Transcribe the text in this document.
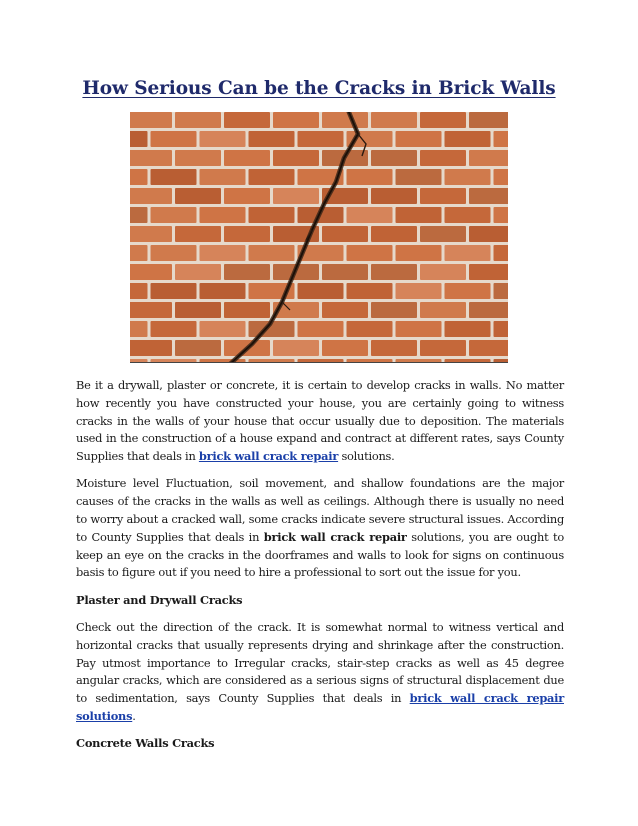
How Serious Can be the Cracks in Brick Walls

Be it a drywall, plaster or concrete, it is certain to develop cracks in walls. No matter how recently you have constructed your house, you are certainly going to witness cracks in the walls of your house that occur usually due to deposition. The materials used in the construction of a house expand and contract at different rates, says County Supplies that deals in brick wall crack repair solutions.

Moisture level Fluctuation, soil movement, and shallow foundations are the major causes of the cracks in the walls as well as ceilings. Although there is usually no need to worry about a cracked wall, some cracks indicate severe structural issues. According to County Supplies that deals in brick wall crack repair solutions, you are ought to keep an eye on the cracks in the doorframes and walls to look for signs on continuous basis to figure out if you need to hire a professional to sort out the issue for you.

Plaster and Drywall Cracks

Check out the direction of the crack. It is somewhat normal to witness vertical and horizontal cracks that usually represents drying and shrinkage after the construction. Pay utmost importance to Irregular cracks, stair-step cracks as well as 45 degree angular cracks, which are considered as a serious signs of structural displacement due to sedimentation, says County Supplies that deals in brick wall crack repair solutions.

Concrete Walls Cracks
